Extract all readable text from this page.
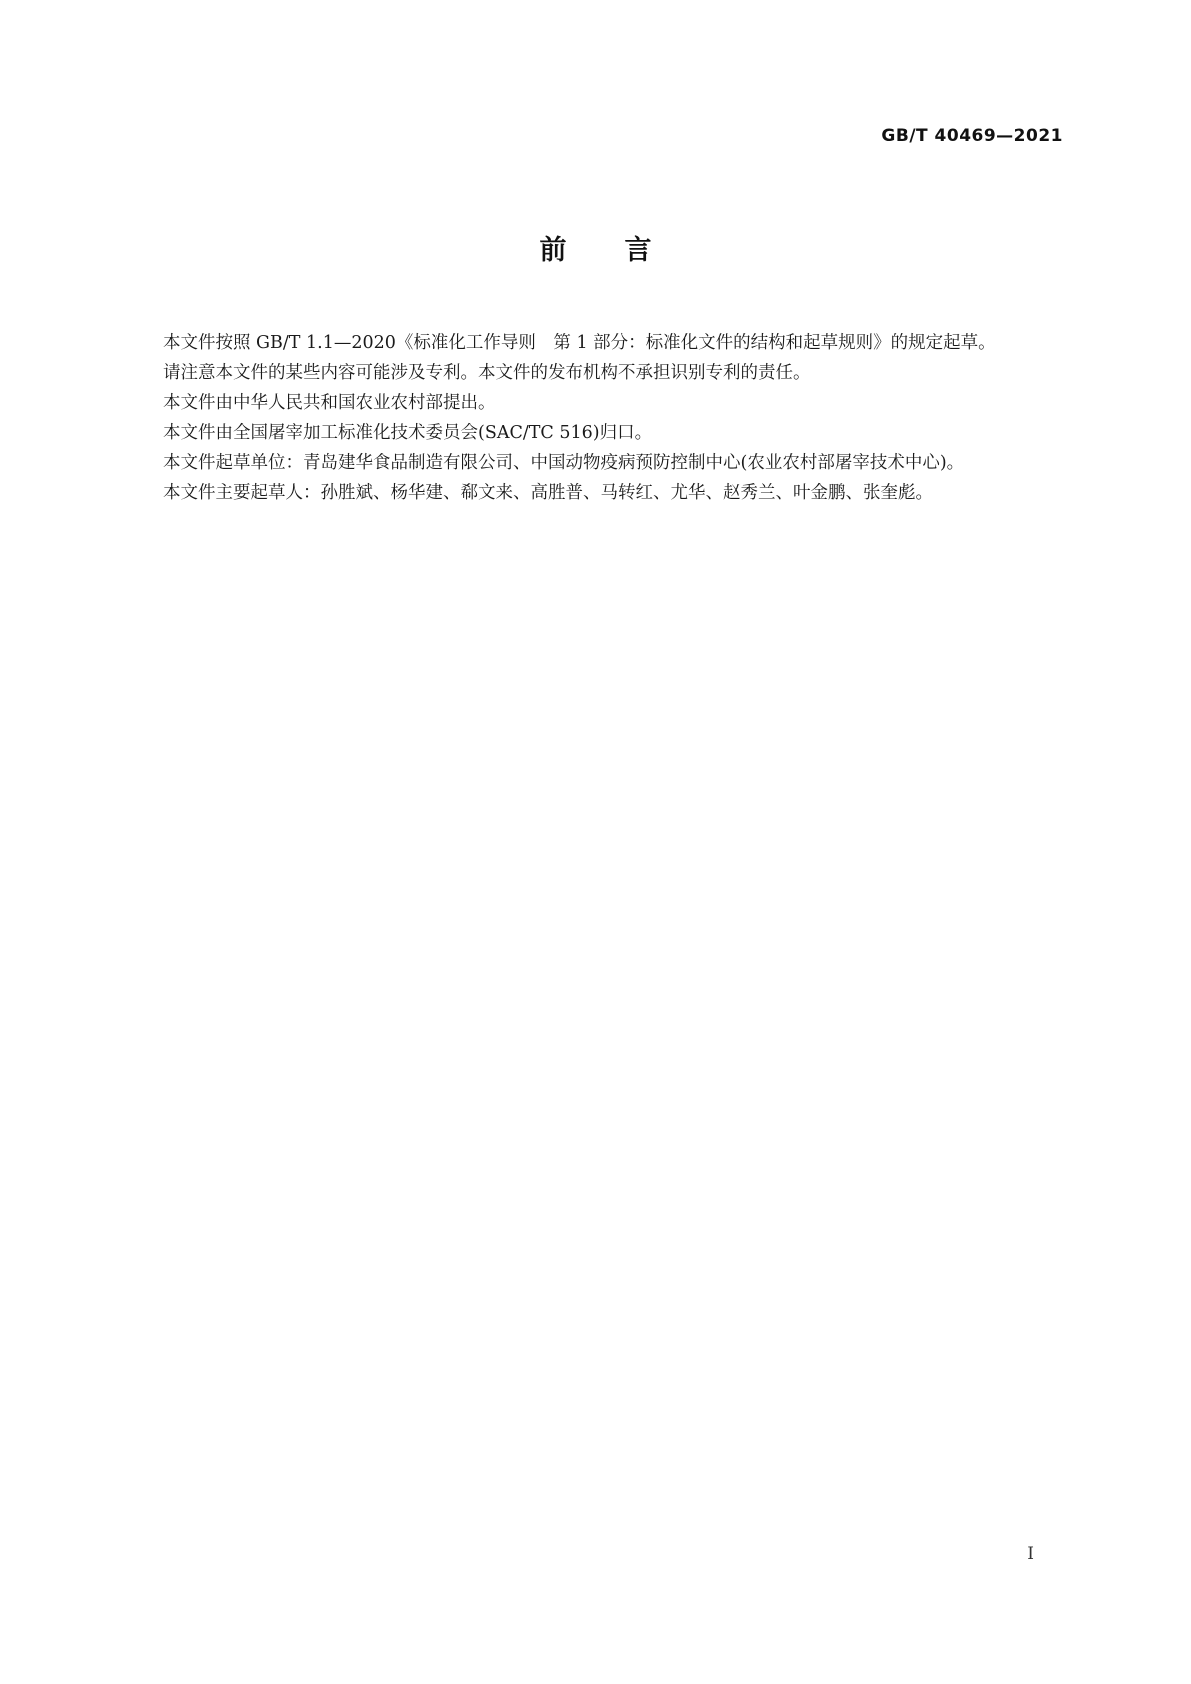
GB/T 40469—2021
前 言

本文件按照 GB/T 1.1—2020《标准化工作导则　第 1 部分：标准化文件的结构和起草规则》的规定起草。

请注意本文件的某些内容可能涉及专利。本文件的发布机构不承担识别专利的责任。

本文件由中华人民共和国农业农村部提出。

本文件由全国屠宰加工标准化技术委员会(SAC/TC 516)归口。

本文件起草单位：青岛建华食品制造有限公司、中国动物疫病预防控制中心(农业农村部屠宰技术中心)。

本文件主要起草人：孙胜斌、杨华建、郗文来、高胜普、马转红、尤华、赵秀兰、叶金鹏、张奎彪。

I
